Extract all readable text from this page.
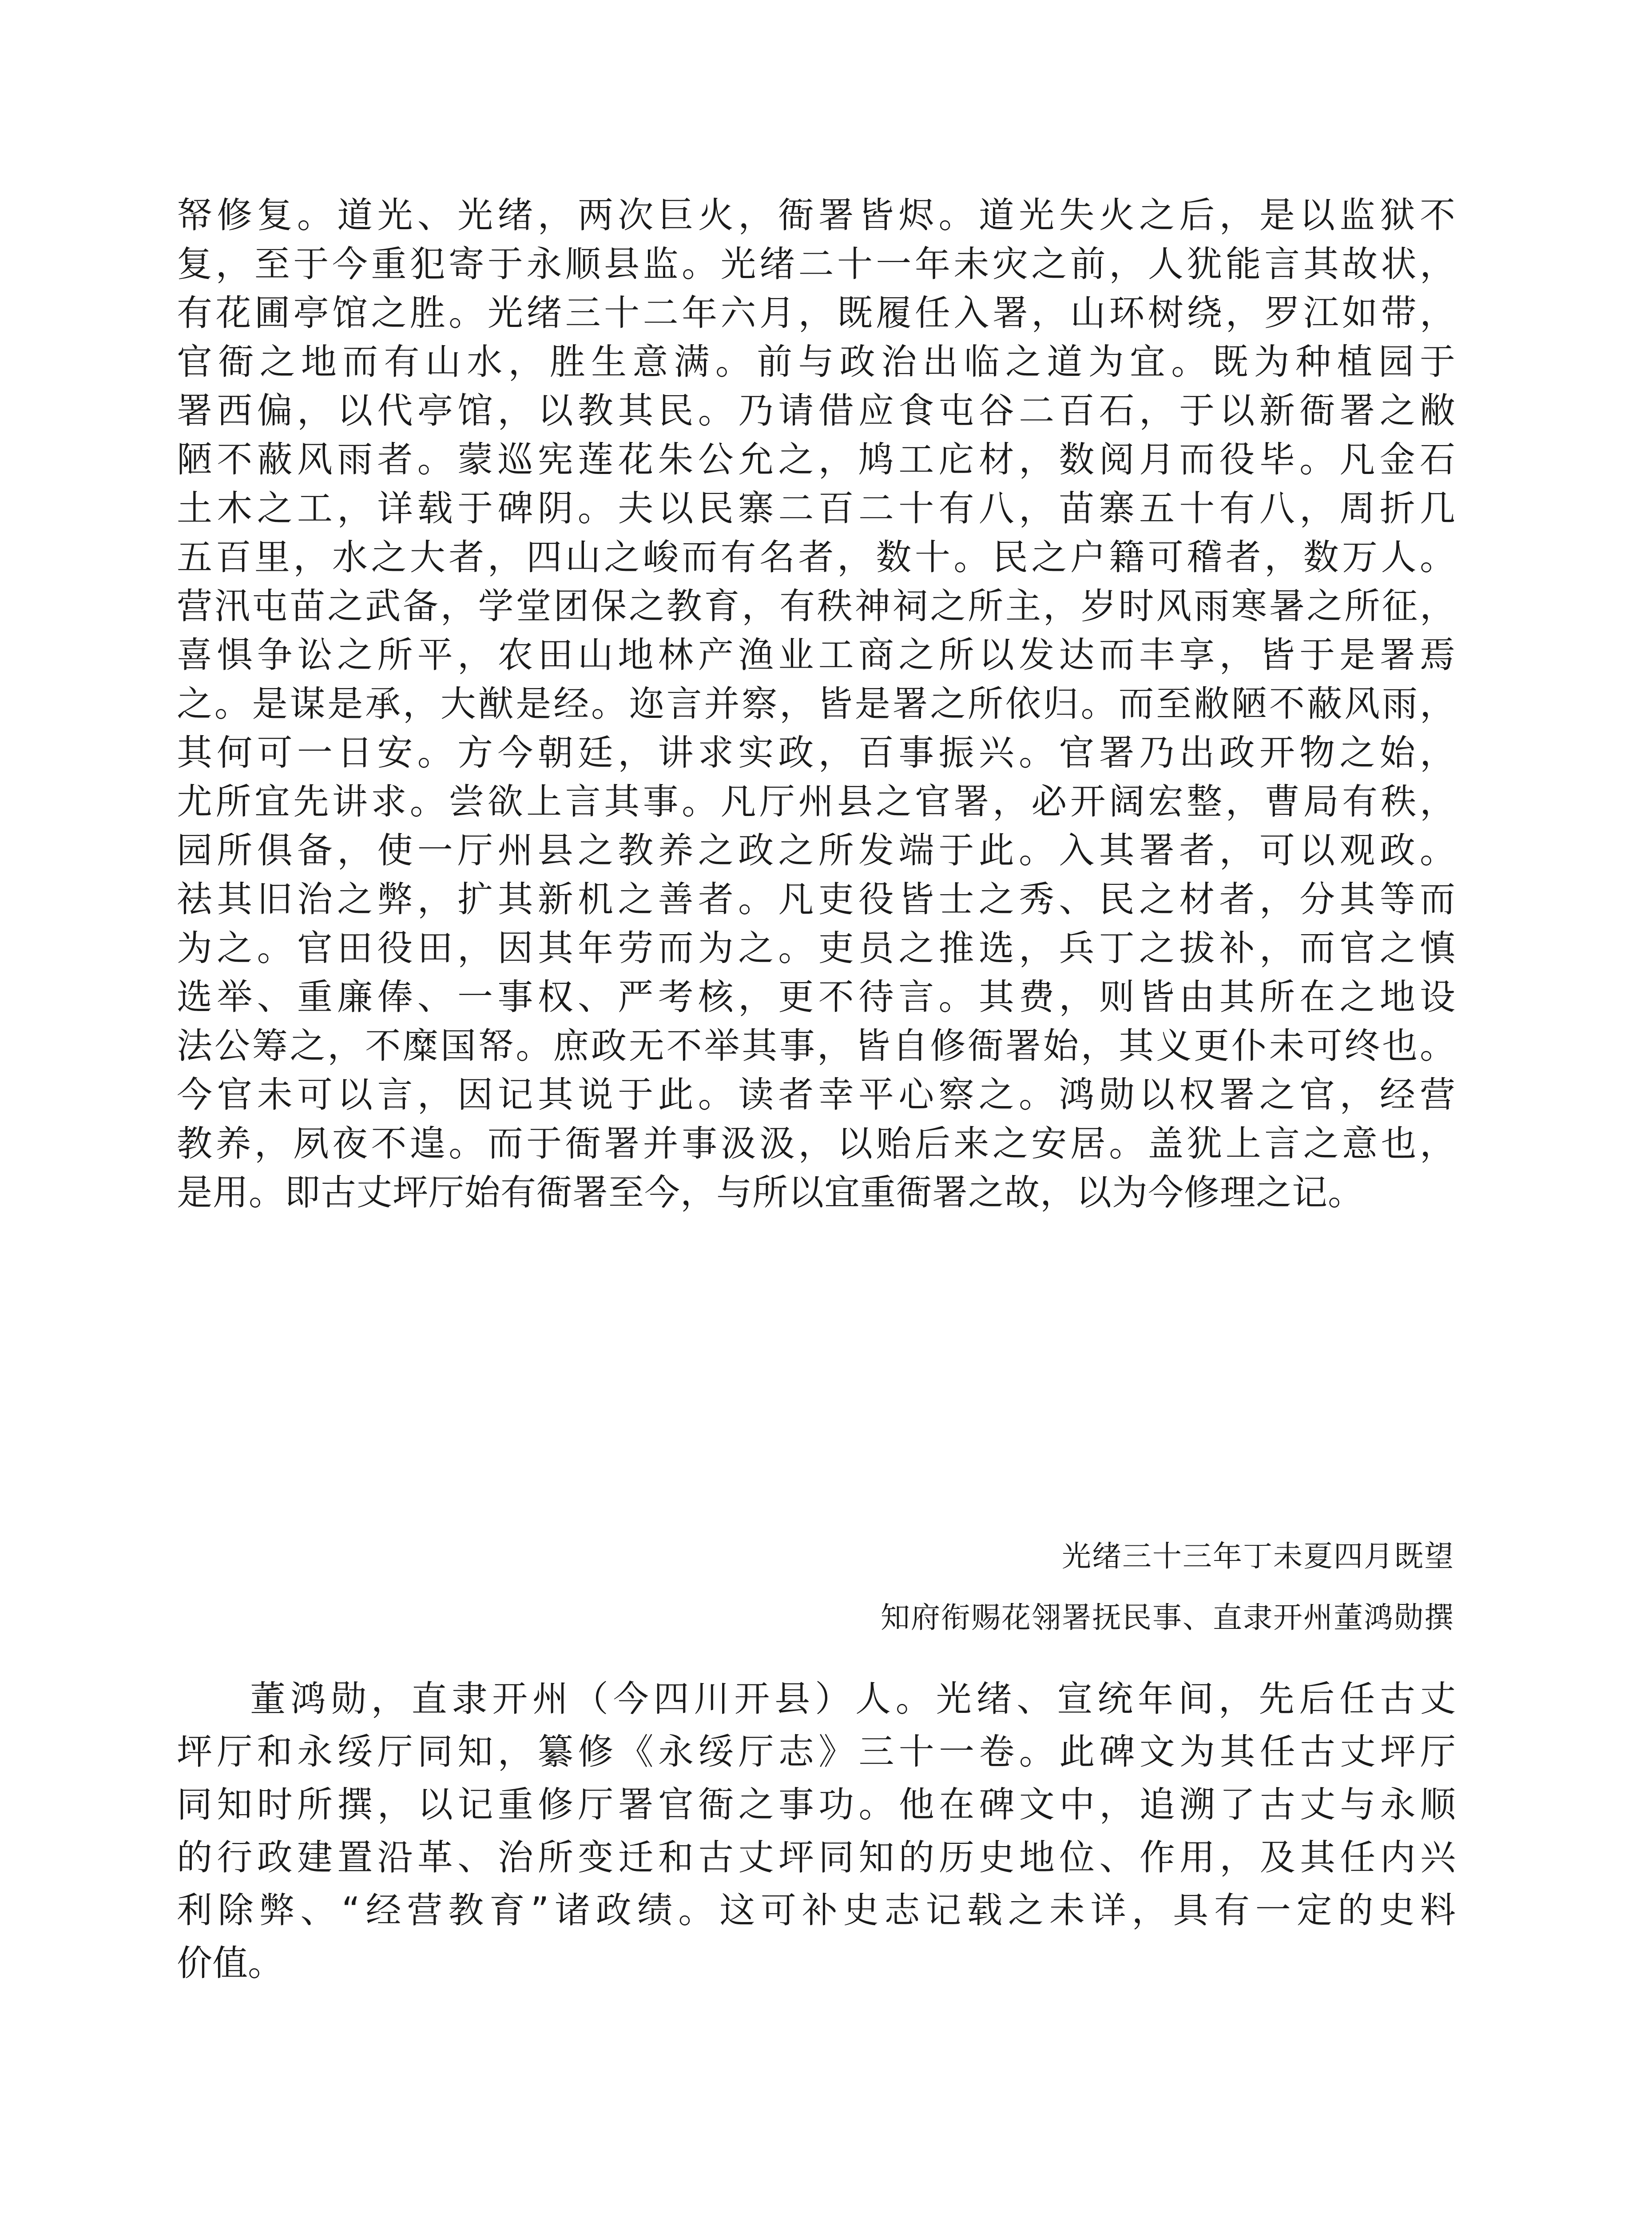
帑修复。道光、光绪，两次巨火，衙署皆烬。道光失火之后，是以监狱不
复，至于今重犯寄于永顺县监。光绪二十一年未灾之前，人犹能言其故状，
有花圃亭馆之胜。光绪三十二年六月，既履任入署，山环树绕，罗江如带，
官衙之地而有山水，胜生意满。前与政治出临之道为宜。既为种植园于
署西偏，以代亭馆，以教其民。乃请借应食屯谷二百石，于以新衙署之敝
陋不蔽风雨者。蒙巡宪莲花朱公允之，鸠工庀材，数阅月而役毕。凡金石
土木之工，详载于碑阴。夫以民寨二百二十有八，苗寨五十有八，周折几
五百里，水之大者，四山之峻而有名者，数十。民之户籍可稽者，数万人。
营汛屯苗之武备，学堂团保之教育，有秩神祠之所主，岁时风雨寒暑之所征，
喜惧争讼之所平，农田山地林产渔业工商之所以发达而丰享，皆于是署焉
之。是谋是承，大猷是经。迩言并察，皆是署之所依归。而至敝陋不蔽风雨，
其何可一日安。方今朝廷，讲求实政，百事振兴。官署乃出政开物之始，
尤所宜先讲求。尝欲上言其事。凡厅州县之官署，必开阔宏整，曹局有秩，
园所俱备，使一厅州县之教养之政之所发端于此。入其署者，可以观政。
祛其旧治之弊，扩其新机之善者。凡吏役皆士之秀、民之材者，分其等而
为之。官田役田，因其年劳而为之。吏员之推选，兵丁之拔补，而官之慎
选举、重廉俸、一事权、严考核，更不待言。其费，则皆由其所在之地设
法公筹之，不糜国帑。庶政无不举其事，皆自修衙署始，其义更仆未可终也。
今官未可以言，因记其说于此。读者幸平心察之。鸿勋以权署之官，经营
教养，夙夜不遑。而于衙署并事汲汲，以贻后来之安居。盖犹上言之意也，
是用。即古丈坪厅始有衙署至今，与所以宜重衙署之故，以为今修理之记。
光绪三十三年丁未夏四月既望
知府衔赐花翎署抚民事、直隶开州董鸿勋撰
董鸿勋，直隶开州（今四川开县）人。光绪、宣统年间，先后任古丈
坪厅和永绥厅同知，纂修《永绥厅志》三十一卷。此碑文为其任古丈坪厅
同知时所撰，以记重修厅署官衙之事功。他在碑文中，追溯了古丈与永顺
的行政建置沿革、治所变迁和古丈坪同知的历史地位、作用，及其任内兴
利除弊、“经营教育”诸政绩。这可补史志记载之未详，具有一定的史料
价值。
